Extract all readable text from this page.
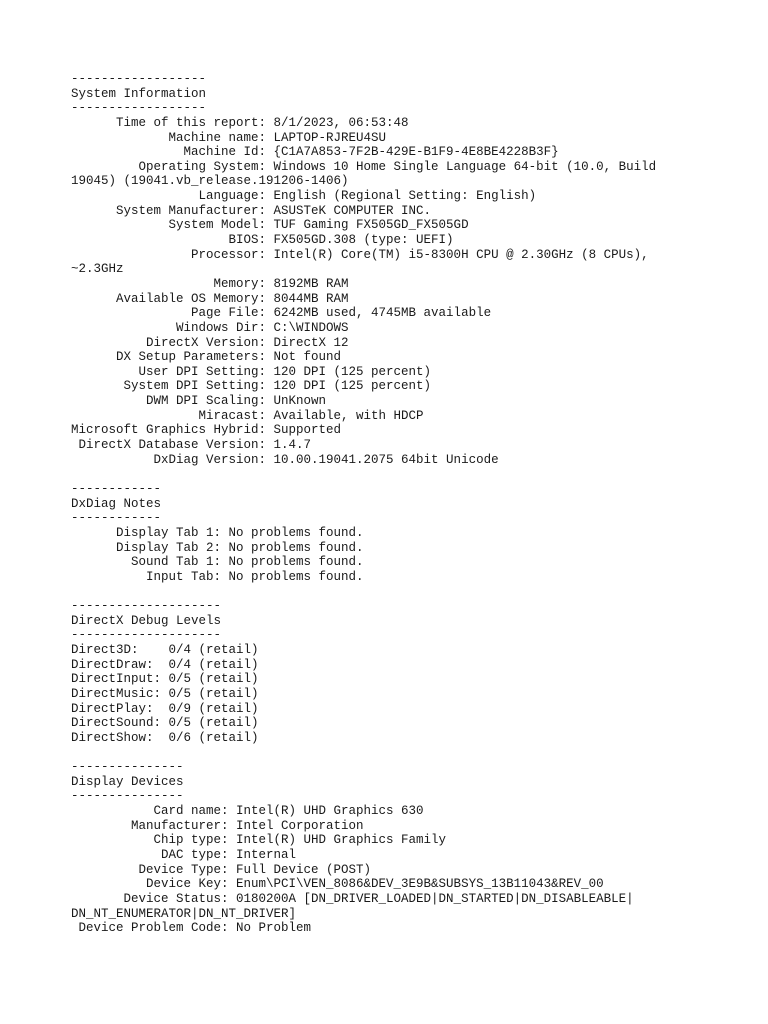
------------------
System Information
------------------
Time of this report: 8/1/2023, 06:53:48
Machine name: LAPTOP-RJREU4SU
Machine Id: {C1A7A853-7F2B-429E-B1F9-4E8BE4228B3F}
Operating System: Windows 10 Home Single Language 64-bit (10.0, Build
19045) (19041.vb_release.191206-1406)
Language: English (Regional Setting: English)
System Manufacturer: ASUSTeK COMPUTER INC.
System Model: TUF Gaming FX505GD_FX505GD
BIOS: FX505GD.308 (type: UEFI)
Processor: Intel(R) Core(TM) i5-8300H CPU @ 2.30GHz (8 CPUs),
~2.3GHz
Memory: 8192MB RAM
Available OS Memory: 8044MB RAM
Page File: 6242MB used, 4745MB available
Windows Dir: C:\WINDOWS
DirectX Version: DirectX 12
DX Setup Parameters: Not found
User DPI Setting: 120 DPI (125 percent)
System DPI Setting: 120 DPI (125 percent)
DWM DPI Scaling: UnKnown
Miracast: Available, with HDCP
Microsoft Graphics Hybrid: Supported
DirectX Database Version: 1.4.7
DxDiag Version: 10.00.19041.2075 64bit Unicode
------------
DxDiag Notes
------------
Display Tab 1: No problems found.
Display Tab 2: No problems found.
Sound Tab 1: No problems found.
Input Tab: No problems found.
--------------------
DirectX Debug Levels
--------------------
Direct3D:    0/4 (retail)
DirectDraw:  0/4 (retail)
DirectInput: 0/5 (retail)
DirectMusic: 0/5 (retail)
DirectPlay:  0/9 (retail)
DirectSound: 0/5 (retail)
DirectShow:  0/6 (retail)
---------------
Display Devices
---------------
Card name: Intel(R) UHD Graphics 630
Manufacturer: Intel Corporation
Chip type: Intel(R) UHD Graphics Family
DAC type: Internal
Device Type: Full Device (POST)
Device Key: Enum\PCI\VEN_8086&DEV_3E9B&SUBSYS_13B11043&REV_00
Device Status: 0180200A [DN_DRIVER_LOADED|DN_STARTED|DN_DISABLEABLE|
DN_NT_ENUMERATOR|DN_NT_DRIVER]
Device Problem Code: No Problem
